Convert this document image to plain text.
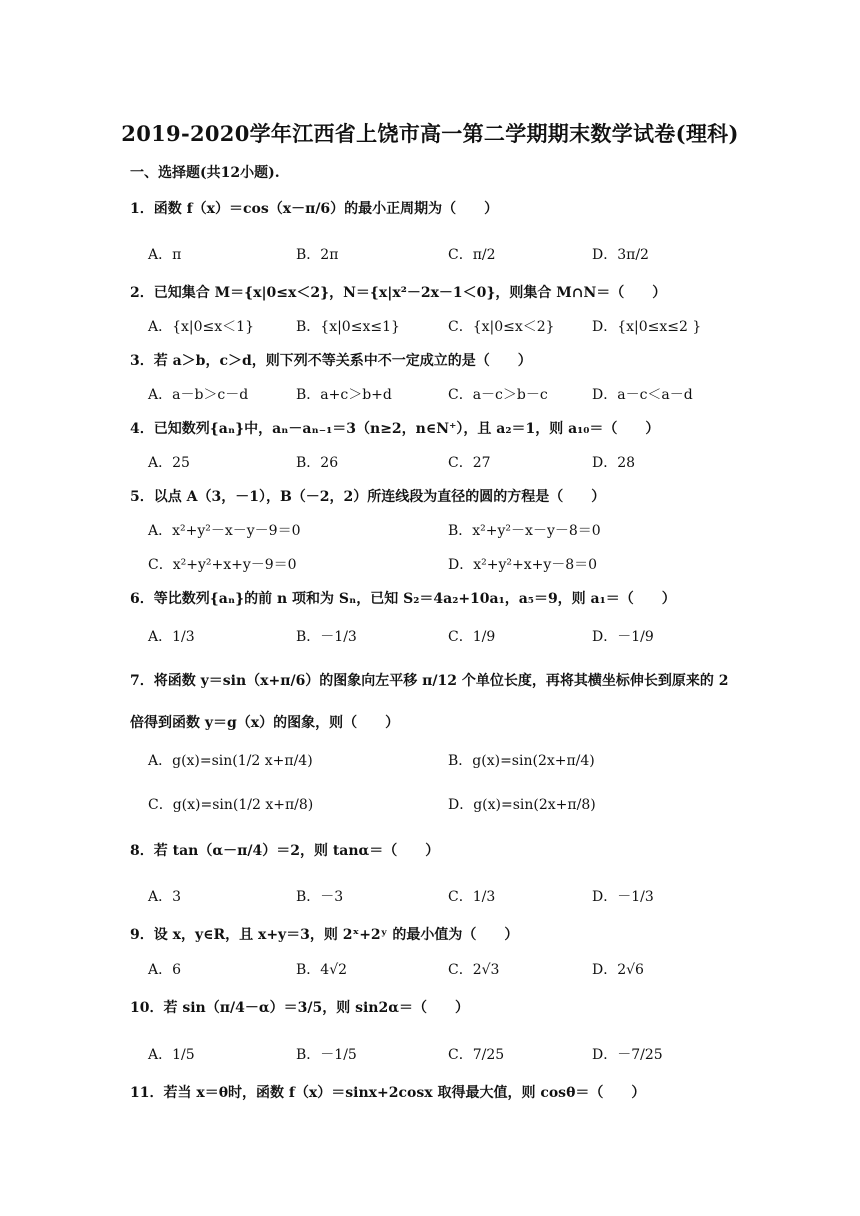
2019-2020学年江西省上饶市高一第二学期期末数学试卷(理科)
一、选择题(共12小题).
1．函数 f（x）＝cos（x－π/6）的最小正周期为（　　）
A．π	B．2π	C．π/2	D．3π/2
2．已知集合 M＝{x|0≤x＜2}，N＝{x|x²－2x－1＜0}，则集合 M∩N＝（　　）
A．{x|0≤x＜1}	B．{x|0≤x≤1}	C．{x|0≤x＜2}	D．{x|0≤x≤2 }
3．若 a＞b，c＞d，则下列不等关系中不一定成立的是（　　）
A．a－b＞c－d	B．a+c＞b+d	C．a－c＞b－c	D．a－c＜a－d
4．已知数列{aₙ}中，aₙ－aₙ₋₁＝3（n≥2，n∈N⁺），且 a₂＝1，则 a₁₀＝（　　）
A．25	B．26	C．27	D．28
5．以点 A（3，－1），B（－2，2）所连线段为直径的圆的方程是（　　）
A．x²+y²－x－y－9＝0	B．x²+y²－x－y－8＝0
C．x²+y²+x+y－9＝0	D．x²+y²+x+y－8＝0
6．等比数列{aₙ}的前 n 项和为 Sₙ，已知 S₂＝4a₂+10a₁，a₅＝9，则 a₁＝（　　）
A．1/3	B．－1/3	C．1/9	D．－1/9
7．将函数 y＝sin（x+π/6）的图象向左平移 π/12 个单位长度，再将其横坐标伸长到原来的 2
倍得到函数 y＝g（x）的图象，则（　　）
A．g(x)=sin(1/2 x+π/4)	B．g(x)=sin(2x+π/4)
C．g(x)=sin(1/2 x+π/8)	D．g(x)=sin(2x+π/8)
8．若 tan（α－π/4）＝2，则 tanα＝（　　）
A．3	B．－3	C．1/3	D．－1/3
9．设 x，y∈R，且 x+y＝3，则 2ˣ+2ʸ 的最小值为（　　）
A．6	B．4√2	C．2√3	D．2√6
10．若 sin（π/4－α）＝3/5，则 sin2α＝（　　）
A．1/5	B．－1/5	C．7/25	D．－7/25
11．若当 x＝θ时，函数 f（x）＝sinx+2cosx 取得最大值，则 cosθ＝（　　）
